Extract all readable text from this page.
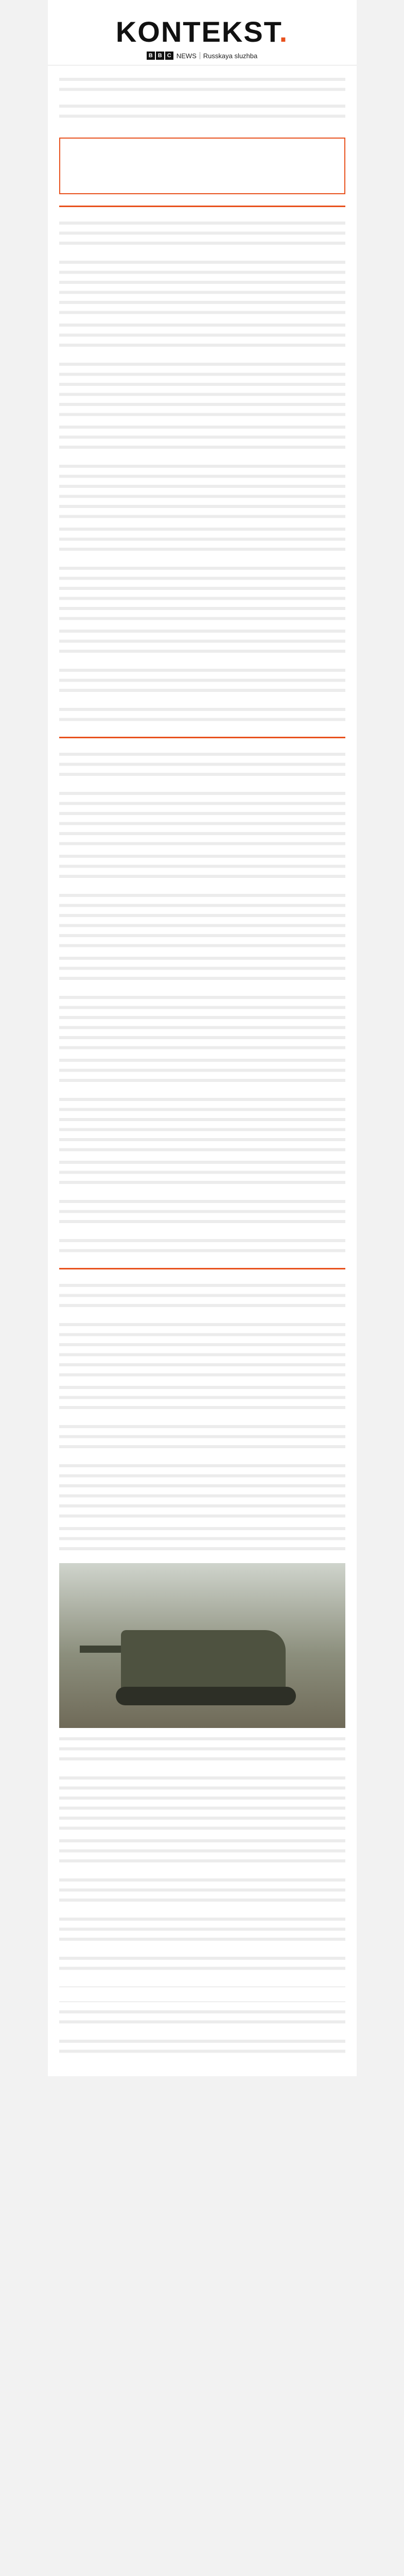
KONTEKST.
B B C NEWS Russkaya sluzhba
